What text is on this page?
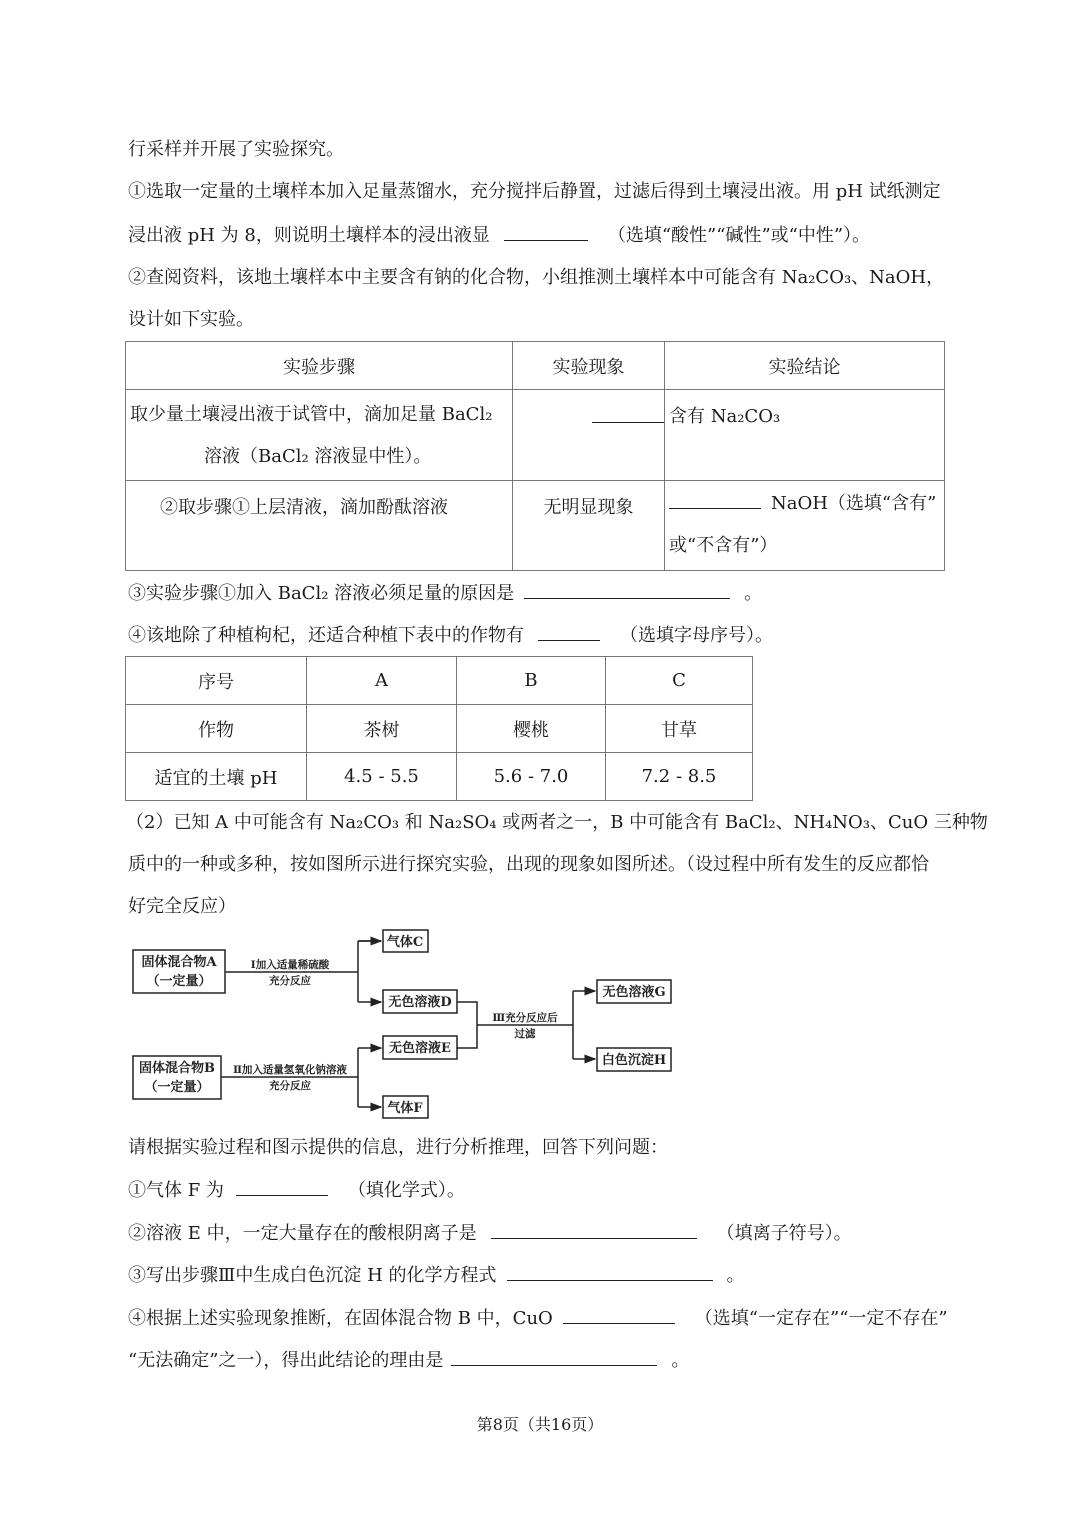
行采样并开展了实验探究。
①选取一定量的土壤样本加入足量蒸馏水，充分搅拌后静置，过滤后得到土壤浸出液。用 pH 试纸测定
浸出液 pH 为 8，则说明土壤样本的浸出液显	（选填“酸性”“碱性”或“中性”）。
②查阅资料，该地土壤样本中主要含有钠的化合物，小组推测土壤样本中可能含有 Na₂CO₃、NaOH，
设计如下实验。
实验步骤	实验现象	实验结论

取少量土壤浸出液于试管中，滴加足量 BaCl₂
溶液（BaCl₂ 溶液显中性）。		含有 Na₂CO₃
②取步骤①上层清液，滴加酚酞溶液	无明显现象	NaOH（选填“含有”
或“不含有”）
③实验步骤①加入 BaCl₂ 溶液必须足量的原因是	。
④该地除了种植枸杞，还适合种植下表中的作物有	（选填字母序号）。
序号	A	B	C
作物	茶树	樱桃	甘草
适宜的土壤 pH	4.5 - 5.5	5.6 - 7.0	7.2 - 8.5
（2）已知 A 中可能含有 Na₂CO₃ 和 Na₂SO₄ 或两者之一，B 中可能含有 BaCl₂、NH₄NO₃、CuO 三种物
质中的一种或多种，按如图所示进行探究实验，出现的现象如图所述。（设过程中所有发生的反应都恰
好完全反应）
固体混合物A
（一定量）
固体混合物B
（一定量）
气体C
无色溶液D
无色溶液E
气体F
无色溶液G
白色沉淀H
Ⅰ加入适量稀硫酸
充分反应
Ⅱ加入适量氢氧化钠溶液
充分反应
Ⅲ充分反应后
过滤
请根据实验过程和图示提供的信息，进行分析推理，回答下列问题：
①气体 F 为	（填化学式）。
②溶液 E 中，一定大量存在的酸根阴离子是	（填离子符号）。
③写出步骤Ⅲ中生成白色沉淀 H 的化学方程式	。
④根据上述实验现象推断，在固体混合物 B 中，CuO	（选填“一定存在”“一定不存在”
“无法确定”之一），得出此结论的理由是	。
第8页（共16页）
